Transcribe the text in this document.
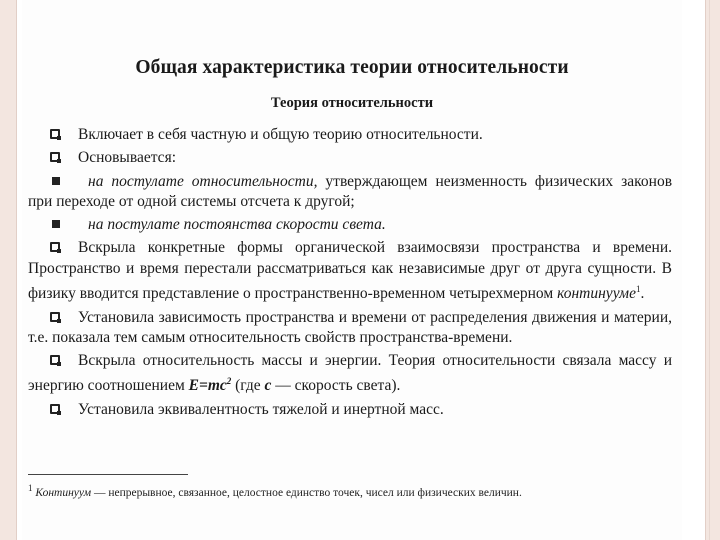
Общая характеристика теории относительности
Теория относительности

Включает в себя частную и общую теорию относительности.

Основывается:

на постулате относительности, утверждающем неизменность физических законов при переходе от одной системы отсчета к другой;

на постулате постоянства скорости света.

Вскрыла конкретные формы органической взаимосвязи пространства и времени. Пространство и время перестали рассматриваться как независимые друг от друга сущности. В физику вводится представление о пространственно-временном четырехмерном континууме$^1$.

Установила зависимость пространства и времени от распределения движения и материи, т.е. показала тем самым относительность свойств пространства-времени.

Вскрыла относительность массы и энергии. Теория относительности связала массу и энергию соотношением $E=mc^2$ (где с — скорость света).

Установила эквивалентность тяжелой и инертной масс.

$^1$ Континуум — непрерывное, связанное, целостное единство точек, чисел или физических величин.
